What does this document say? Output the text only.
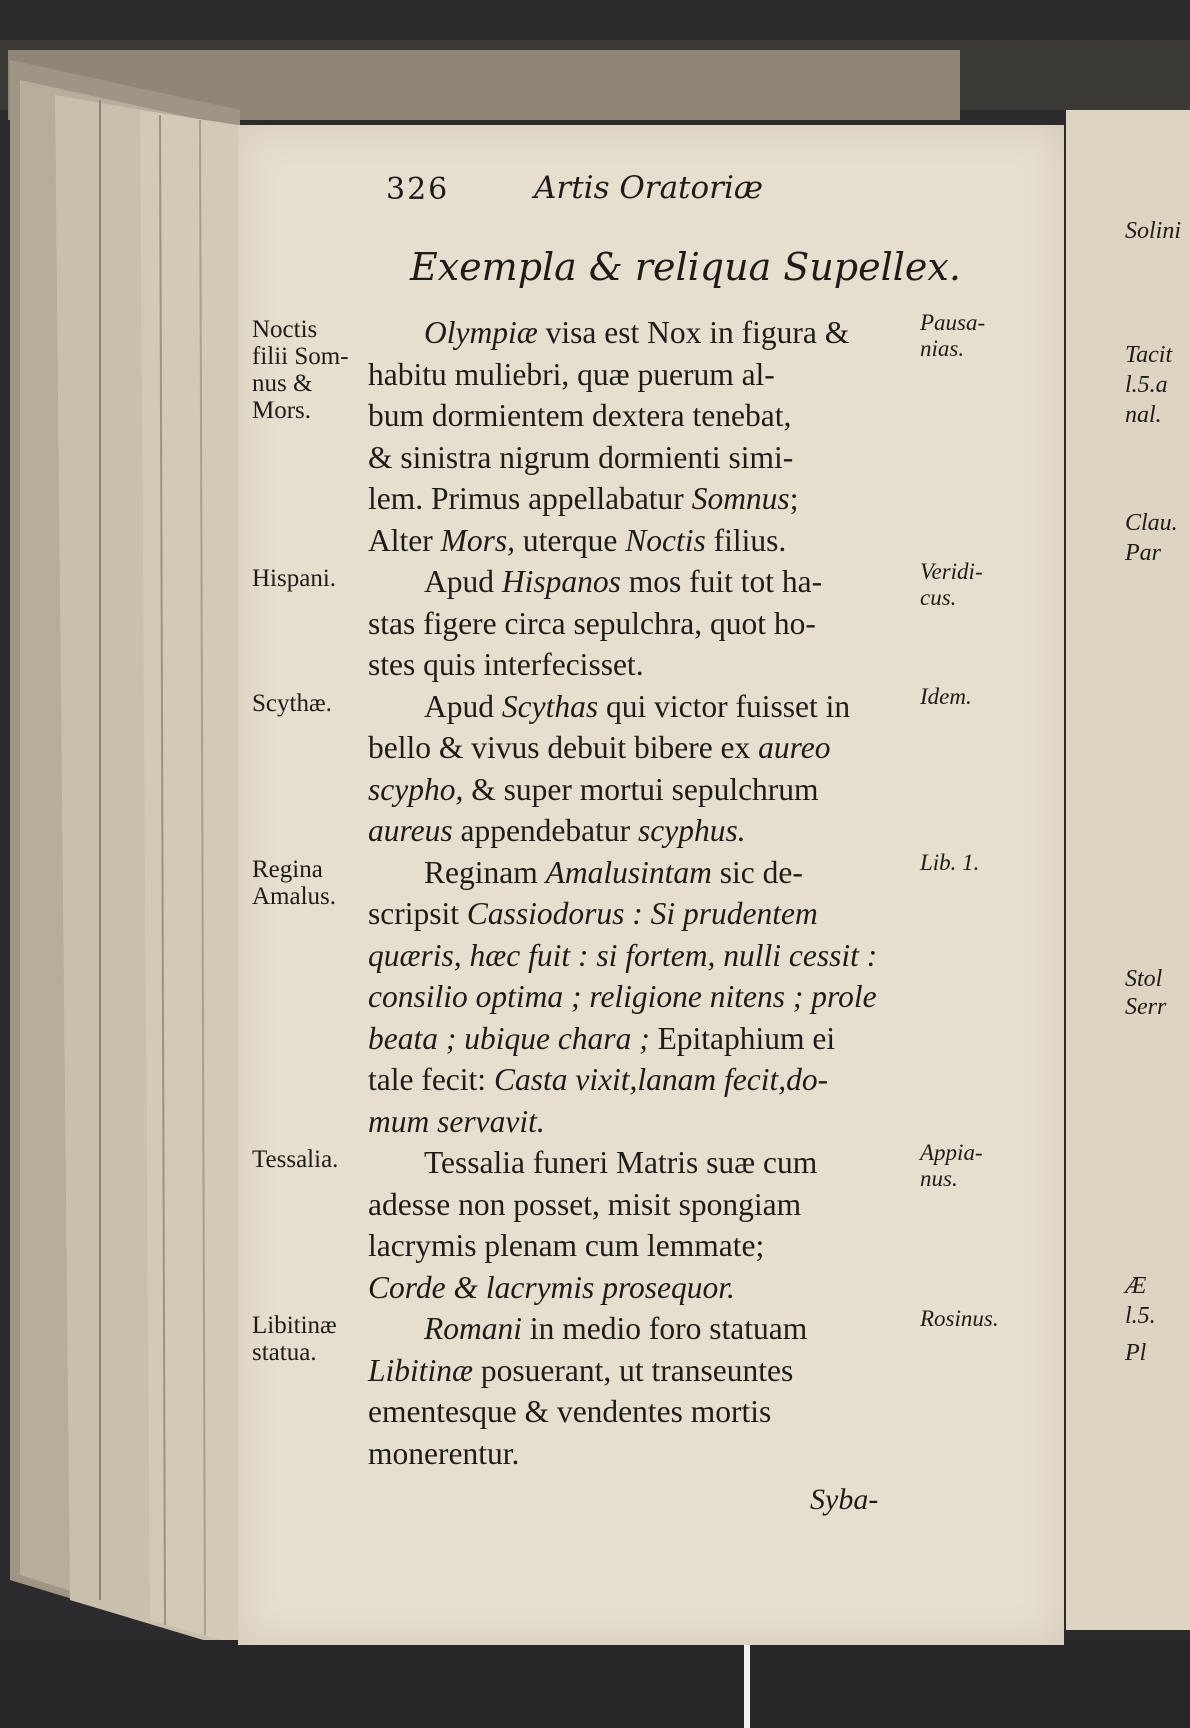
326	Artis Oratoriæ
Exempla & reliqua Supellex.
Olympiæ visa est Nox in figura &
habitu muliebri, quæ puerum al-
bum dormientem dextera tenebat,
& sinistra nigrum dormienti simi-
lem. Primus appellabatur Somnus;
Alter Mors, uterque Noctis filius.
Apud Hispanos mos fuit tot ha-
stas figere circa sepulchra, quot ho-
stes quis interfecisset.
Apud Scythas qui victor fuisset in
bello & vivus debuit bibere ex aureo
scypho, & super mortui sepulchrum
aureus appendebatur scyphus.
Reginam Amalusintam sic de-
scripsit Cassiodorus : Si prudentem
quæris, hæc fuit : si fortem, nulli cessit :
consilio optima ; religione nitens ; prole
beata ; ubique chara ; Epitaphium ei
tale fecit: Casta vixit,lanam fecit,do-
mum servavit.
Tessalia funeri Matris suæ cum
adesse non posset, misit spongiam
lacrymis plenam cum lemmate;
Corde & lacrymis prosequor.
Romani in medio foro statuam
Libitinæ posuerant, ut transeuntes
ementesque & vendentes mortis
monerentur.
Noctis
filii Som-
nus &
Mors.
Pausa-
nias.
Hispani.	Veridi-
cus.
Scythæ.	Idem.
Regina
Amalus.
Lib. 1.
Tessalia.	Appia-
nus.
Libitinæ
statua.
Rosinus.
Syba-
Solini
Tacit
l.5.a
nal.
Clau.
Par
Stol
Serr
Æ
l.5.
Pl
